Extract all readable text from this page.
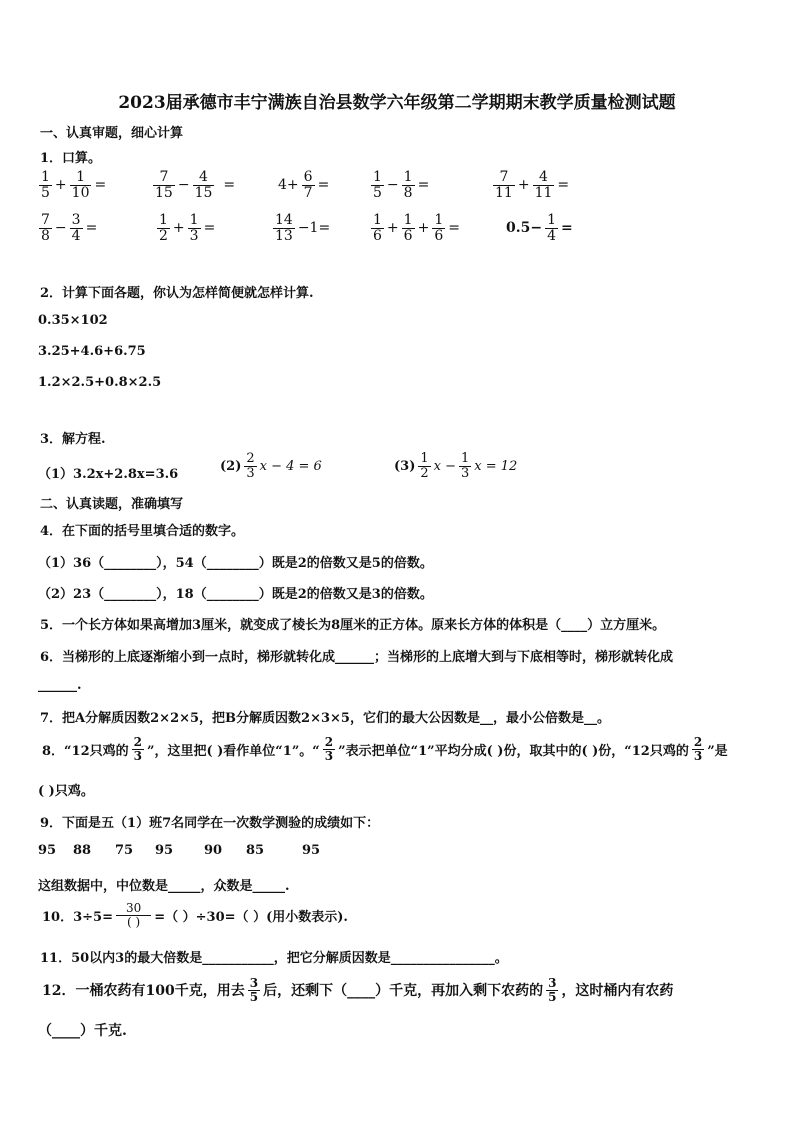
2023届承德市丰宁满族自治县数学六年级第二学期期末教学质量检测试题
一、认真审题，细心计算
1．口算。
$\frac{1}{5} + \frac{1}{10}$ =	$\frac{7}{15} - \frac{4}{15}$ =	$4+ \frac{6}{7}$ =	$\frac{1}{5} - \frac{1}{8}$ =	$\frac{7}{11} + \frac{4}{11}$ =
$\frac{7}{8} - \frac{3}{4}$ =	$\frac{1}{2} + \frac{1}{3}$ =	$\frac{14}{13} -1=$	$\frac{1}{6} + \frac{1}{6} + \frac{1}{6}$ =	$0.5- \frac{1}{4}$ =
2．计算下面各题，你认为怎样简便就怎样计算.
0.35×102
3.25+4.6+6.75
1.2×2.5+0.8×2.5
3．解方程.
（1）3.2x+2.8x=3.6
$(2) \frac{2}{3}$ x − 4 = 6	$(3) \frac{1}{2}$ $x - \frac{1}{3}$ x = 12
二、认真读题，准确填写
4．在下面的括号里填合适的数字。
（1）36（________），54（________）既是2的倍数又是5的倍数。
（2）23（________），18（________）既是2的倍数又是3的倍数。
5．一个长方体如果高增加3厘米，就变成了棱长为8厘米的正方体。原来长方体的体积是（____）立方厘米。
6．当梯形的上底逐渐缩小到一点时，梯形就转化成______；当梯形的上底增大到与下底相等时，梯形就转化成
______.
7．把A分解质因数2×2×5，把B分解质因数2×3×5，它们的最大公因数是__，最小公倍数是__。
8．“12只鸡的 $\frac{2}{3}$ ”，这里把( )看作单位“1”。“ $\frac{2}{3}$ ”表示把单位“1”平均分成( )份，取其中的( )份，“12只鸡的 $\frac{2}{3}$ ”是
( )只鸡。
9．下面是五（1）班7名同学在一次数学测验的成绩如下：
95 88 75 95 90 85	95
这组数据中，中位数是_____，众数是_____.
10．$3\div 5= \frac{30}{( )}$ =（ ）÷30=（ ）(用小数表示).
11．50以内3的最大倍数是___________，把它分解质因数是________________。
12．一桶农药有100千克，用去 $\frac{3}{5}$ 后，还剩下（____）千克，再加入剩下农药的 $\frac{3}{5}$ ，这时桶内有农药
（____）千克.
